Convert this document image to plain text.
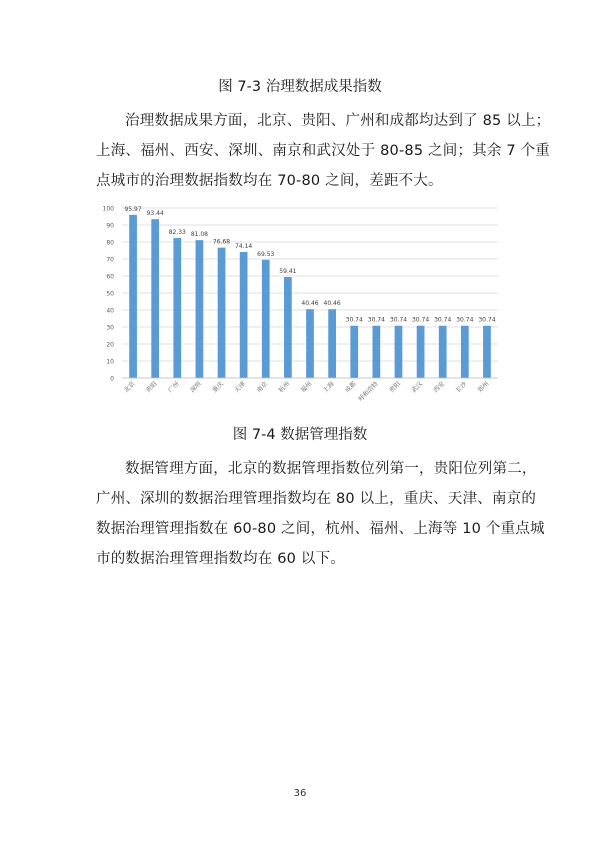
图 7-3 治理数据成果指数

治理数据成果方面，北京、贵阳、广州和成都均达到了 85 以上；
上海、福州、西安、深圳、南京和武汉处于 80-85 之间；其余 7 个重
点城市的治理数据指数均在 70-80 之间，差距不大。

0
10
20
30
40
50
60
70
80
90
100 95.97
北京
93.44
贵阳
82.33
广州
81.08
深圳
76.68
重庆
74.14
天津
69.53
南京
59.41
杭州
40.46
福州
40.46
上海
30.74
成都
30.74
呼和浩特
30.74
贵阳
30.74
武汉
30.74
西安
30.74
长沙
30.74
郑州
图 7-4 数据管理指数

数据管理方面，北京的数据管理指数位列第一，贵阳位列第二，
广州、深圳的数据治理管理指数均在 80 以上，重庆、天津、南京的
数据治理管理指数在 60-80 之间，杭州、福州、上海等 10 个重点城
市的数据治理管理指数均在 60 以下。

36
